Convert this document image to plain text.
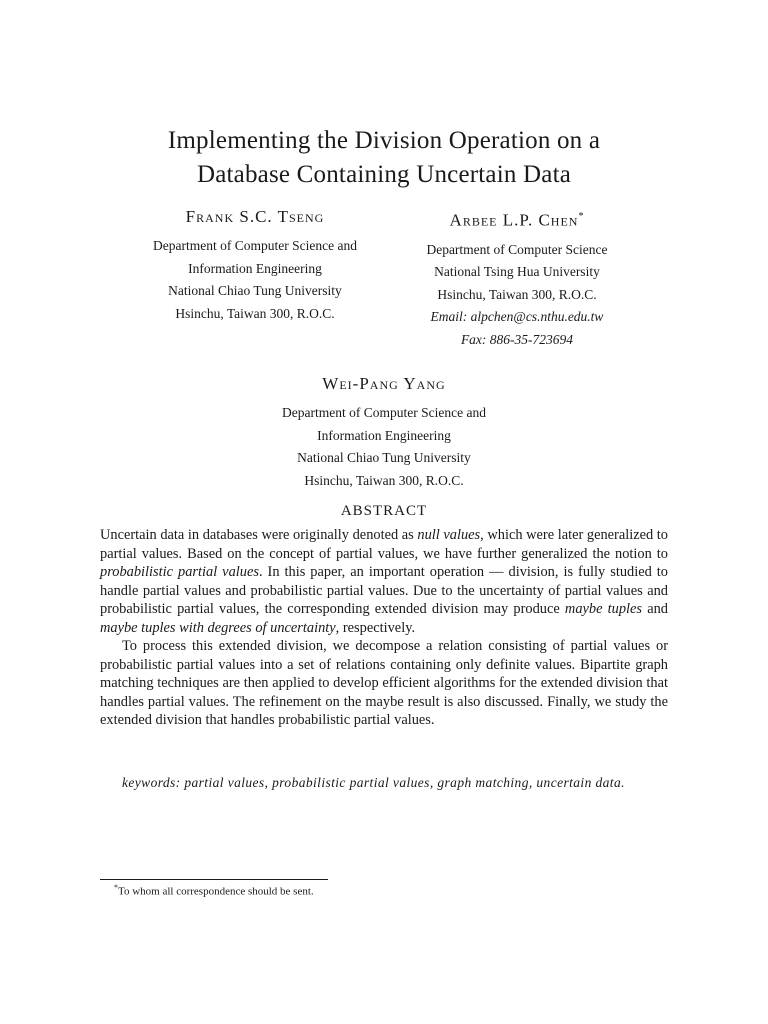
Implementing the Division Operation on a
Database Containing Uncertain Data
Frank S.C. Tseng
Department of Computer Science and
Information Engineering
National Chiao Tung University
Hsinchu, Taiwan 300, R.O.C.
Arbee L.P. Chen*
Department of Computer Science
National Tsing Hua University
Hsinchu, Taiwan 300, R.O.C.
Email: alpchen@cs.nthu.edu.tw
Fax: 886-35-723694
Wei-Pang Yang
Department of Computer Science and
Information Engineering
National Chiao Tung University
Hsinchu, Taiwan 300, R.O.C.
ABSTRACT

Uncertain data in databases were originally denoted as null values, which were later generalized to partial values. Based on the concept of partial values, we have further generalized the notion to probabilistic partial values. In this paper, an important operation — division, is fully studied to handle partial values and probabilistic partial values. Due to the uncertainty of partial values and probabilistic partial values, the corresponding extended division may produce maybe tuples and maybe tuples with degrees of uncertainty, respectively.

To process this extended division, we decompose a relation consisting of partial values or probabilistic partial values into a set of relations containing only definite values. Bipartite graph matching techniques are then applied to develop efficient algorithms for the extended division that handles partial values. The refinement on the maybe result is also discussed. Finally, we study the extended division that handles probabilistic partial values.

keywords: partial values, probabilistic partial values, graph matching, uncertain data.
*To whom all correspondence should be sent.
